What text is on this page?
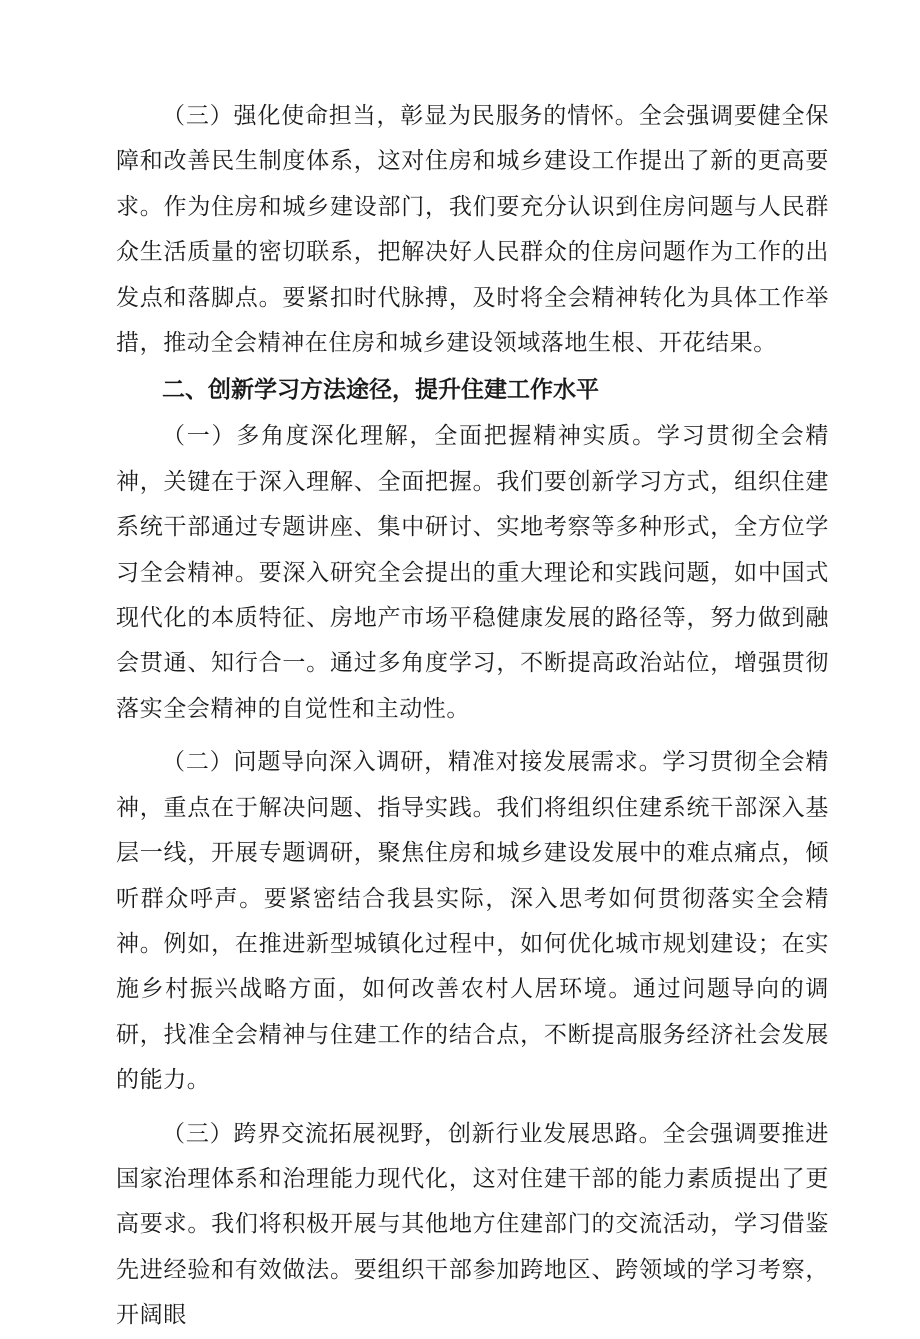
（三）强化使命担当，彰显为民服务的情怀。全会强调要健全保障和改善民生制度体系，这对住房和城乡建设工作提出了新的更高要求。作为住房和城乡建设部门，我们要充分认识到住房问题与人民群众生活质量的密切联系，把解决好人民群众的住房问题作为工作的出发点和落脚点。要紧扣时代脉搏，及时将全会精神转化为具体工作举措，推动全会精神在住房和城乡建设领域落地生根、开花结果。

二、创新学习方法途径，提升住建工作水平

（一）多角度深化理解，全面把握精神实质。学习贯彻全会精神，关键在于深入理解、全面把握。我们要创新学习方式，组织住建系统干部通过专题讲座、集中研讨、实地考察等多种形式，全方位学习全会精神。要深入研究全会提出的重大理论和实践问题，如中国式现代化的本质特征、房地产市场平稳健康发展的路径等，努力做到融会贯通、知行合一。通过多角度学习，不断提高政治站位，增强贯彻落实全会精神的自觉性和主动性。

（二）问题导向深入调研，精准对接发展需求。学习贯彻全会精神，重点在于解决问题、指导实践。我们将组织住建系统干部深入基层一线，开展专题调研，聚焦住房和城乡建设发展中的难点痛点，倾听群众呼声。要紧密结合我县实际，深入思考如何贯彻落实全会精神。例如，在推进新型城镇化过程中，如何优化城市规划建设；在实施乡村振兴战略方面，如何改善农村人居环境。通过问题导向的调研，找准全会精神与住建工作的结合点，不断提高服务经济社会发展的能力。

（三）跨界交流拓展视野，创新行业发展思路。全会强调要推进国家治理体系和治理能力现代化，这对住建干部的能力素质提出了更高要求。我们将积极开展与其他地方住建部门的交流活动，学习借鉴先进经验和有效做法。要组织干部参加跨地区、跨领域的学习考察，开阔眼
